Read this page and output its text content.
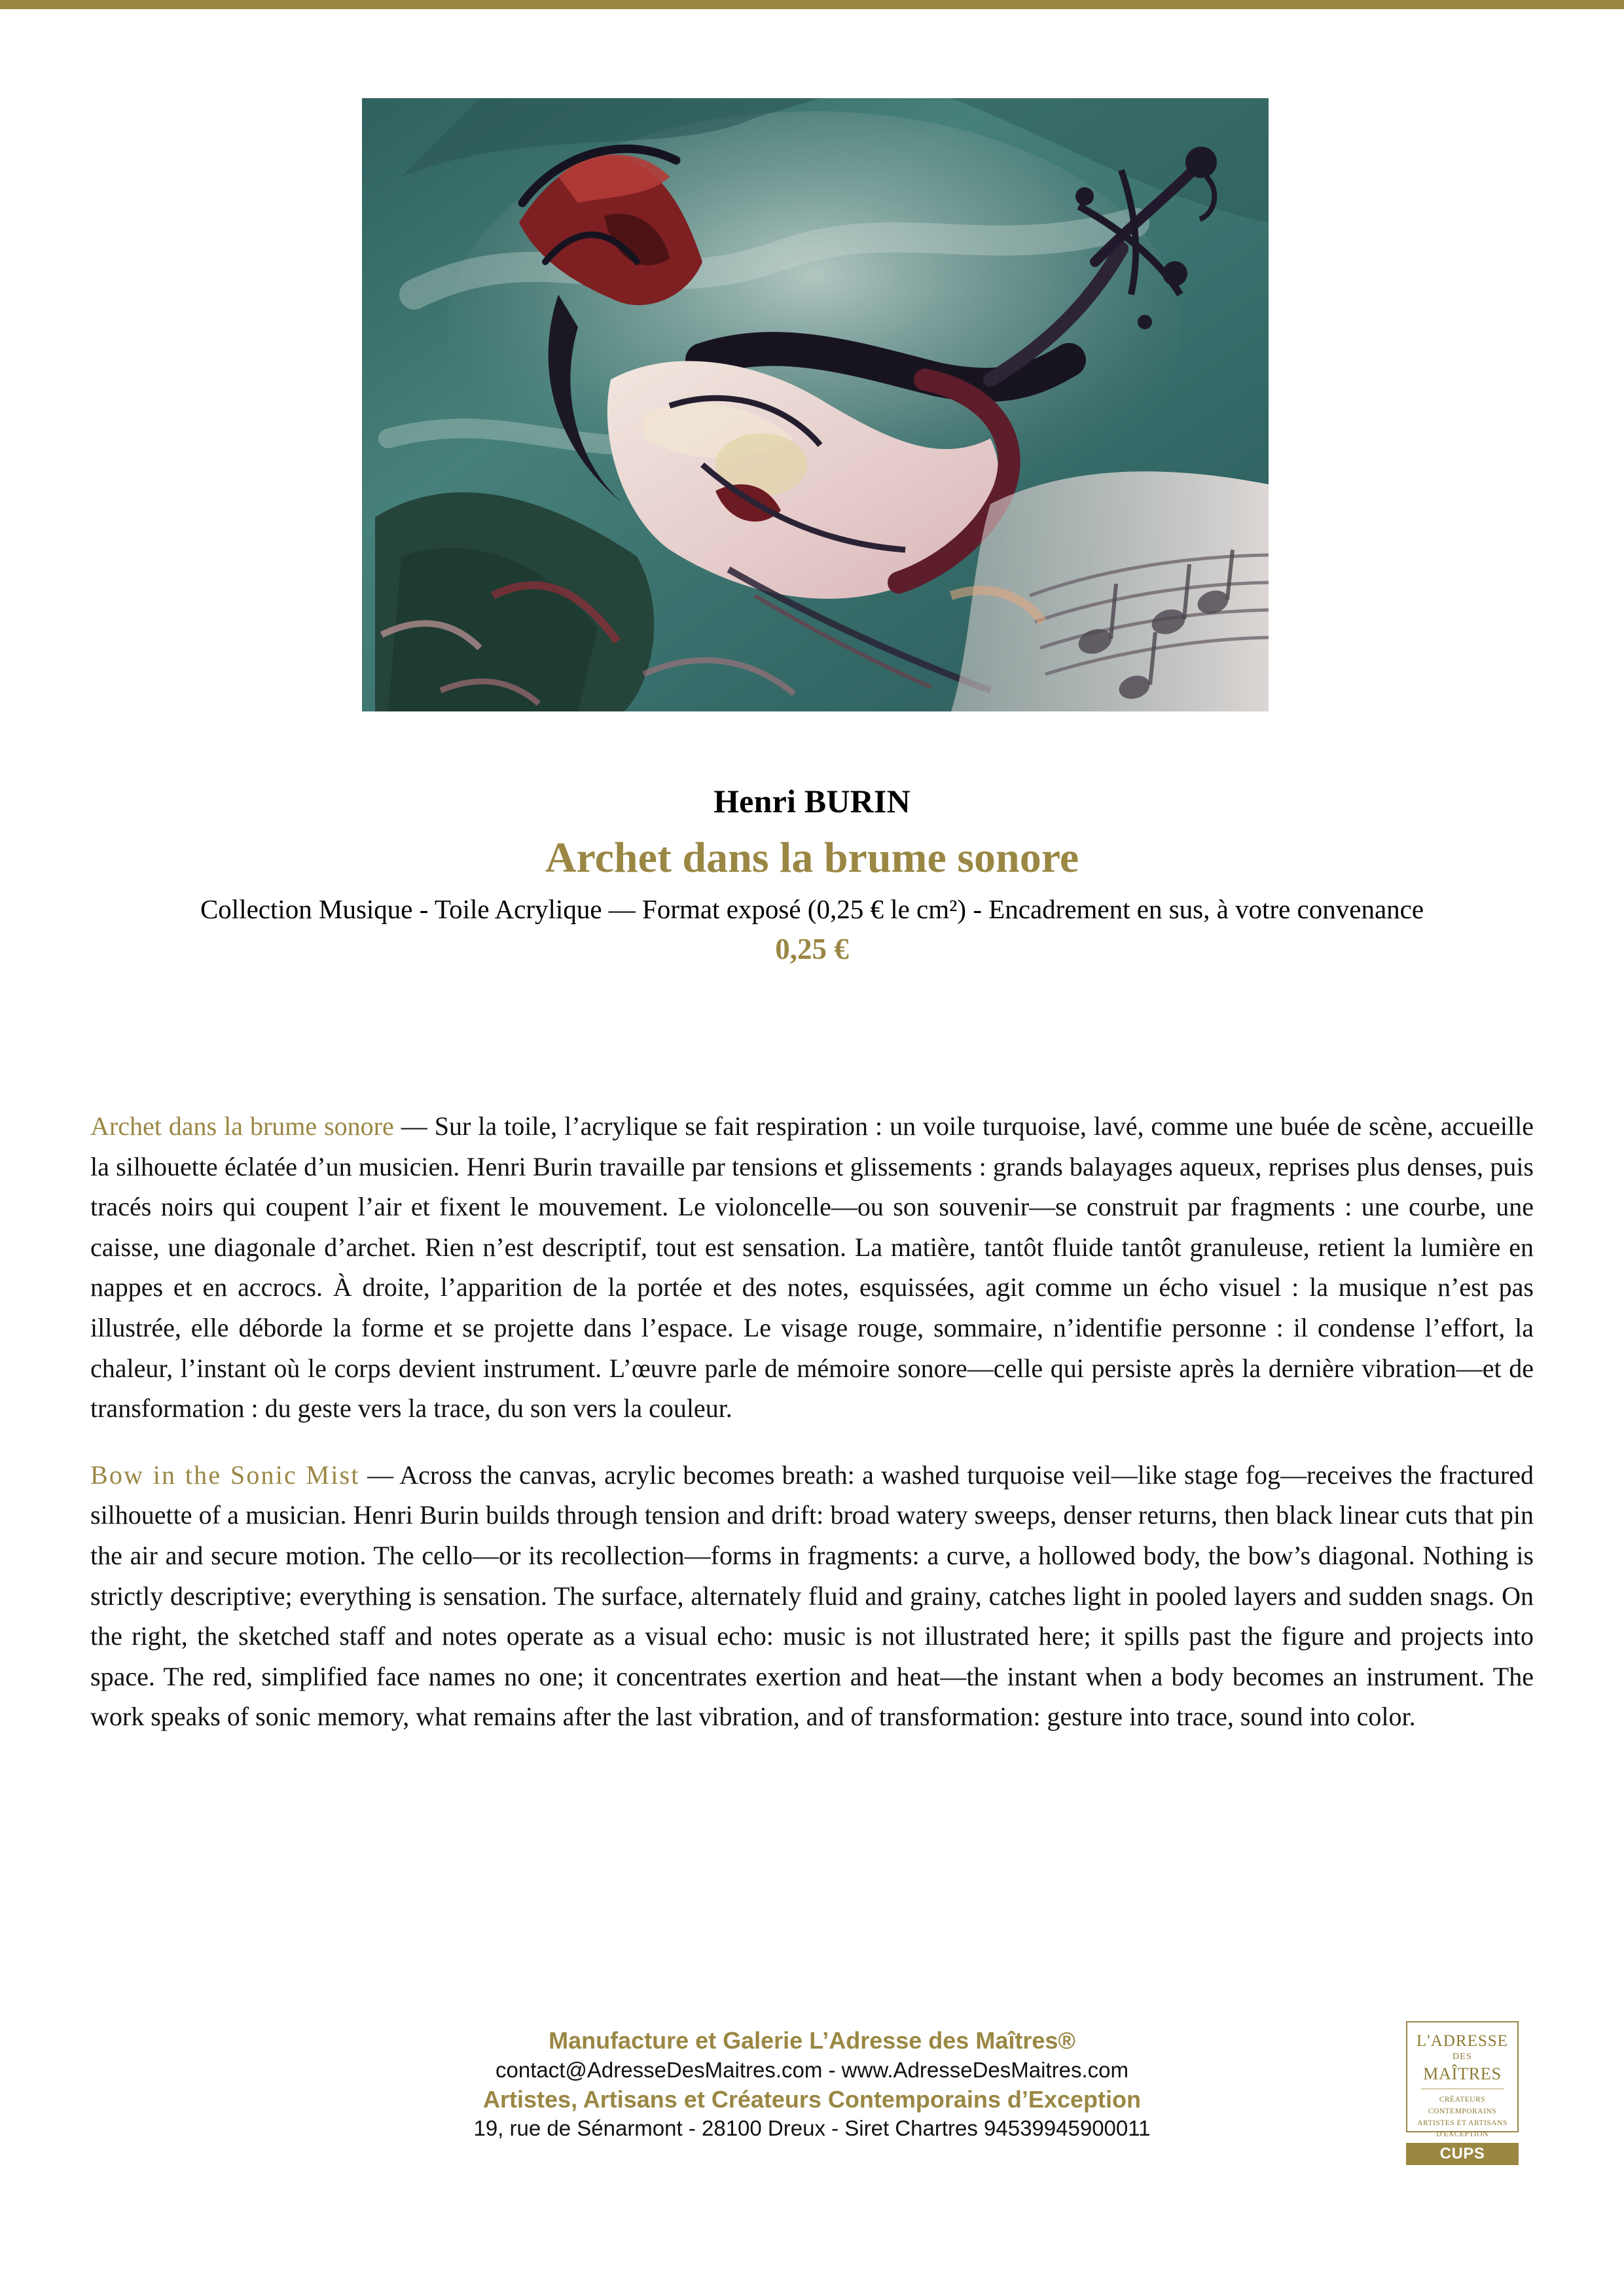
Henri BURIN
Archet dans la brume sonore
Collection Musique - Toile Acrylique — Format exposé (0,25 € le cm²) - Encadrement en sus, à votre convenance
0,25 €

Archet dans la brume sonore — Sur la toile, l’acrylique se fait respiration : un voile turquoise, lavé, comme une buée de scène, accueille la silhouette éclatée d’un musicien. Henri Burin travaille par tensions et glissements : grands balayages aqueux, reprises plus denses, puis tracés noirs qui coupent l’air et fixent le mouvement. Le violoncelle—ou son souvenir—se construit par fragments : une courbe, une caisse, une diagonale d’archet. Rien n’est descriptif, tout est sensation. La matière, tantôt fluide tantôt granuleuse, retient la lumière en nappes et en accrocs. À droite, l’apparition de la portée et des notes, esquissées, agit comme un écho visuel : la musique n’est pas illustrée, elle déborde la forme et se projette dans l’espace. Le visage rouge, sommaire, n’identifie personne : il condense l’effort, la chaleur, l’instant où le corps devient instrument. L’œuvre parle de mémoire sonore—celle qui persiste après la dernière vibration—et de transformation : du geste vers la trace, du son vers la couleur.

Bow in the Sonic Mist — Across the canvas, acrylic becomes breath: a washed turquoise veil—like stage fog—receives the fractured silhouette of a musician. Henri Burin builds through tension and drift: broad watery sweeps, denser returns, then black linear cuts that pin the air and secure motion. The cello—or its recollection—forms in fragments: a curve, a hollowed body, the bow’s diagonal. Nothing is strictly descriptive; everything is sensation. The surface, alternately fluid and grainy, catches light in pooled layers and sudden snags. On the right, the sketched staff and notes operate as a visual echo: music is not illustrated here; it spills past the figure and projects into space. The red, simplified face names no one; it concentrates exertion and heat—the instant when a body becomes an instrument. The work speaks of sonic memory, what remains after the last vibration, and of transformation: gesture into trace, sound into color.

Manufacture et Galerie L’Adresse des Maîtres®
contact@AdresseDesMaitres.com - www.AdresseDesMaitres.com
Artistes, Artisans et Créateurs Contemporains d’Exception
19, rue de Sénarmont - 28100 Dreux - Siret Chartres 94539945900011
L'ADRESSE
DES
MAÎTRES
CRÉATEURS CONTEMPORAINS
ARTISTES ET ARTISANS
D'EXCEPTION
CUPS
